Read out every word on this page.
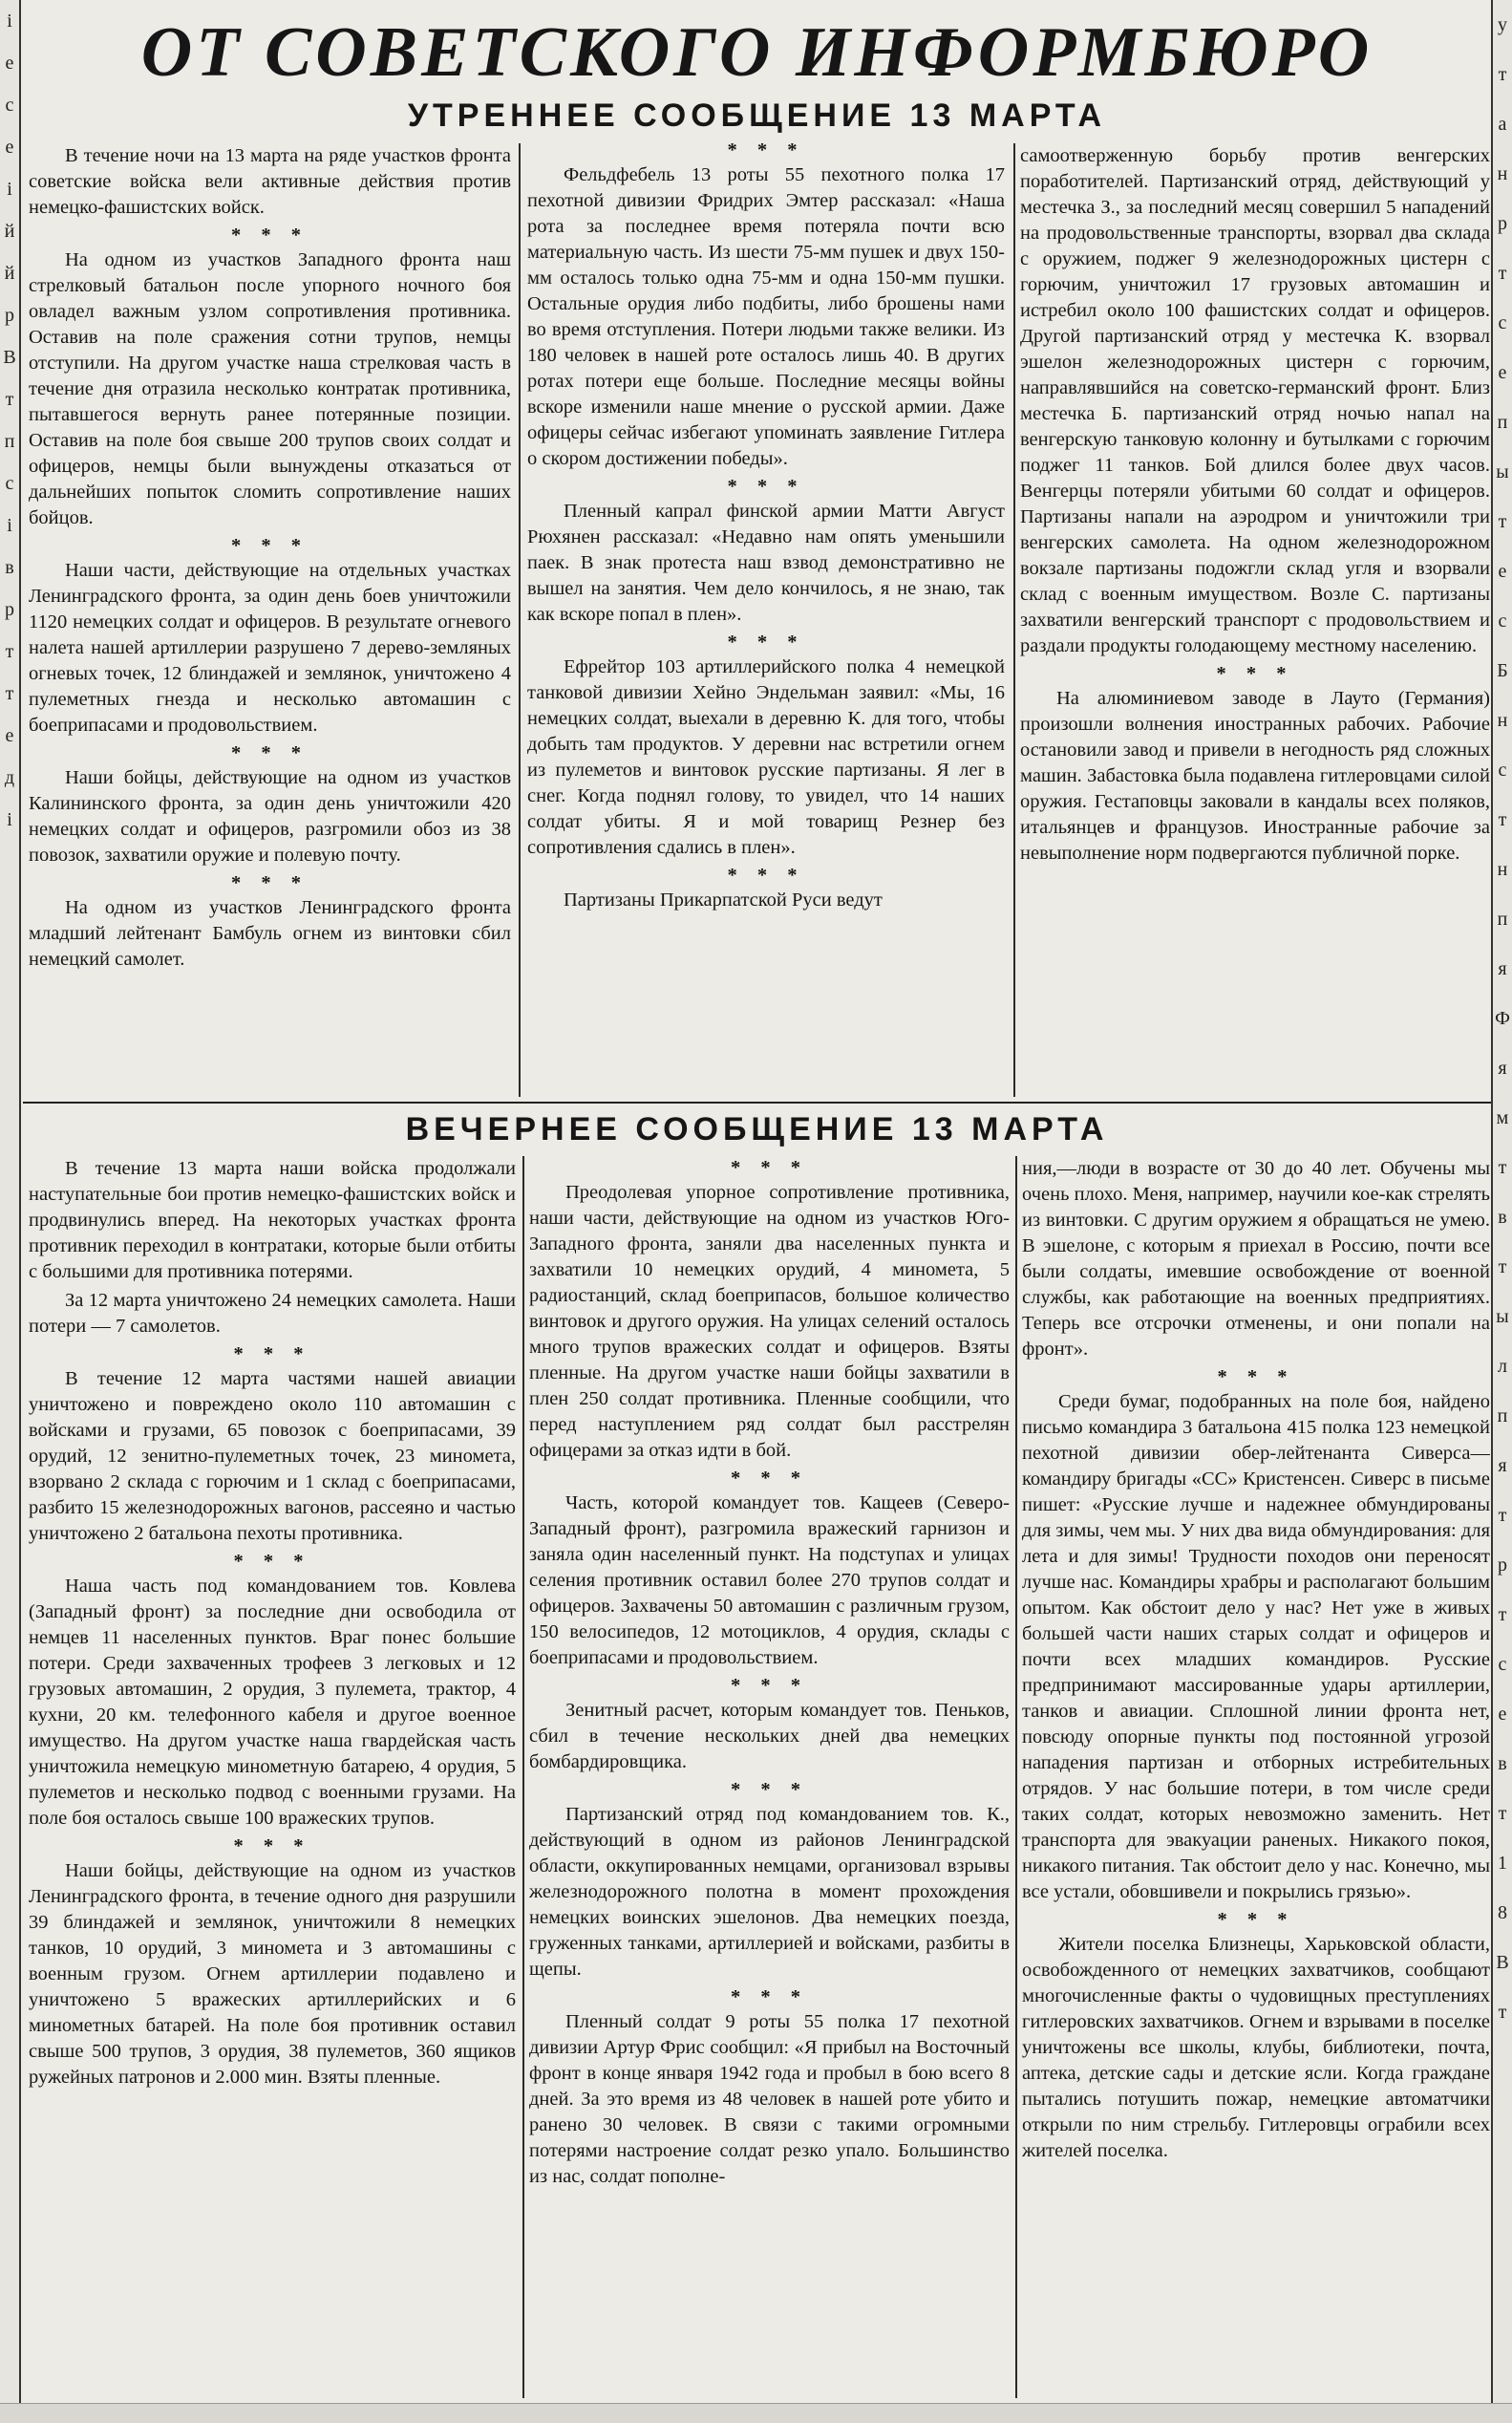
і
е
с
е
і
й
й
р
В
т
п
с
і
в
р
т
т
е
д
і
у
т
а
н
р
т
с
е
п
ы
т
е
с
Б
н
с
т
н
п
я
Ф
я
м
т
в
т
ы
л
п
я
т
р
т
с
е
в
т
1
8
В
т
ОТ СОВЕТСКОГО ИНФОРМБЮРО
УТРЕННЕЕ СООБЩЕНИЕ 13 МАРТА

В течение ночи на 13 марта на ряде участков фронта советские войска вели активные действия против немецко-фашистских войск.

* * *

На одном из участков Западного фронта наш стрелковый батальон после упорного ночного боя овладел важным узлом сопротивления противника. Оставив на поле сражения сотни трупов, немцы отступили. На другом участке наша стрелковая часть в течение дня отразила несколько контратак противника, пытавшегося вернуть ранее потерянные позиции. Оставив на поле боя свыше 200 трупов своих солдат и офицеров, немцы были вынуждены отказаться от дальнейших попыток сломить сопротивление наших бойцов.

* * *

Наши части, действующие на отдельных участках Ленинградского фронта, за один день боев уничтожили 1120 немецких солдат и офицеров. В результате огневого налета нашей артиллерии разрушено 7 дерево-земляных огневых точек, 12 блиндажей и землянок, уничтожено 4 пулеметных гнезда и несколько автомашин с боеприпасами и продовольствием.

* * *

Наши бойцы, действующие на одном из участков Калининского фронта, за один день уничтожили 420 немецких солдат и офицеров, разгромили обоз из 38 повозок, захватили оружие и полевую почту.

* * *

На одном из участков Ленинградского фронта младший лейтенант Бамбуль огнем из винтовки сбил немецкий самолет.

* * *

Фельдфебель 13 роты 55 пехотного полка 17 пехотной дивизии Фридрих Эмтер рассказал: «Наша рота за последнее время потеряла почти всю материальную часть. Из шести 75-мм пушек и двух 150-мм осталось только одна 75-мм и одна 150-мм пушки. Остальные орудия либо подбиты, либо брошены нами во время отступления. Потери людьми также велики. Из 180 человек в нашей роте осталось лишь 40. В других ротах потери еще больше. Последние месяцы войны вскоре изменили наше мнение о русской армии. Даже офицеры сейчас избегают упоминать заявление Гитлера о скором достижении победы».

* * *

Пленный капрал финской армии Матти Август Рюхянен рассказал: «Недавно нам опять уменьшили паек. В знак протеста наш взвод демонстративно не вышел на занятия. Чем дело кончилось, я не знаю, так как вскоре попал в плен».

* * *

Ефрейтор 103 артиллерийского полка 4 немецкой танковой дивизии Хейно Эндельман заявил: «Мы, 16 немецких солдат, выехали в деревню К. для того, чтобы добыть там продуктов. У деревни нас встретили огнем из пулеметов и винтовок русские партизаны. Я лег в снег. Когда поднял голову, то увидел, что 14 наших солдат убиты. Я и мой товарищ Резнер без сопротивления сдались в плен».

* * *

Партизаны Прикарпатской Руси ведут

самоотверженную борьбу против венгерских поработителей. Партизанский отряд, действующий у местечка З., за последний месяц совершил 5 нападений на продовольственные транспорты, взорвал два склада с оружием, поджег 9 железнодорожных цистерн с горючим, уничтожил 17 грузовых автомашин и истребил около 100 фашистских солдат и офицеров. Другой партизанский отряд у местечка К. взорвал эшелон железнодорожных цистерн с горючим, направлявшийся на советско-германский фронт. Близ местечка Б. партизанский отряд ночью напал на венгерскую танковую колонну и бутылками с горючим поджег 11 танков. Бой длился более двух часов. Венгерцы потеряли убитыми 60 солдат и офицеров. Партизаны напали на аэродром и уничтожили три венгерских самолета. На одном железнодорожном вокзале партизаны подожгли склад угля и взорвали склад с военным имуществом. Возле С. партизаны захватили венгерский транспорт с продовольствием и раздали продукты голодающему местному населению.

* * *

На алюминиевом заводе в Лауто (Германия) произошли волнения иностранных рабочих. Рабочие остановили завод и привели в негодность ряд сложных машин. Забастовка была подавлена гитлеровцами силой оружия. Гестаповцы заковали в кандалы всех поляков, итальянцев и французов. Иностранные рабочие за невыполнение норм подвергаются публичной порке.

ВЕЧЕРНЕЕ СООБЩЕНИЕ 13 МАРТА

В течение 13 марта наши войска продолжали наступательные бои против немецко-фашистских войск и продвинулись вперед. На некоторых участках фронта противник переходил в контратаки, которые были отбиты с большими для противника потерями.

За 12 марта уничтожено 24 немецких самолета. Наши потери — 7 самолетов.

* * *

В течение 12 марта частями нашей авиации уничтожено и повреждено около 110 автомашин с войсками и грузами, 65 повозок с боеприпасами, 39 орудий, 12 зенитно-пулеметных точек, 23 миномета, взорвано 2 склада с горючим и 1 склад с боеприпасами, разбито 15 железнодорожных вагонов, рассеяно и частью уничтожено 2 батальона пехоты противника.

* * *

Наша часть под командованием тов. Ковлева (Западный фронт) за последние дни освободила от немцев 11 населенных пунктов. Враг понес большие потери. Среди захваченных трофеев 3 легковых и 12 грузовых автомашин, 2 орудия, 3 пулемета, трактор, 4 кухни, 20 км. телефонного кабеля и другое военное имущество. На другом участке наша гвардейская часть уничтожила немецкую минометную батарею, 4 орудия, 5 пулеметов и несколько подвод с военными грузами. На поле боя осталось свыше 100 вражеских трупов.

* * *

Наши бойцы, действующие на одном из участков Ленинградского фронта, в течение одного дня разрушили 39 блиндажей и землянок, уничтожили 8 немецких танков, 10 орудий, 3 миномета и 3 автомашины с военным грузом. Огнем артиллерии подавлено и уничтожено 5 вражеских артиллерийских и 6 минометных батарей. На поле боя противник оставил свыше 500 трупов, 3 орудия, 38 пулеметов, 360 ящиков ружейных патронов и 2.000 мин. Взяты пленные.

* * *

Преодолевая упорное сопротивление противника, наши части, действующие на одном из участков Юго-Западного фронта, заняли два населенных пункта и захватили 10 немецких орудий, 4 миномета, 5 радиостанций, склад боеприпасов, большое количество винтовок и другого оружия. На улицах селений осталось много трупов вражеских солдат и офицеров. Взяты пленные. На другом участке наши бойцы захватили в плен 250 солдат противника. Пленные сообщили, что перед наступлением ряд солдат был расстрелян офицерами за отказ идти в бой.

* * *

Часть, которой командует тов. Кащеев (Северо-Западный фронт), разгромила вражеский гарнизон и заняла один населенный пункт. На подступах и улицах селения противник оставил более 270 трупов солдат и офицеров. Захвачены 50 автомашин с различным грузом, 150 велосипедов, 12 мотоциклов, 4 орудия, склады с боеприпасами и продовольствием.

* * *

Зенитный расчет, которым командует тов. Пеньков, сбил в течение нескольких дней два немецких бомбардировщика.

* * *

Партизанский отряд под командованием тов. К., действующий в одном из районов Ленинградской области, оккупированных немцами, организовал взрывы железнодорожного полотна в момент прохождения немецких воинских эшелонов. Два немецких поезда, груженных танками, артиллерией и войсками, разбиты в щепы.

* * *

Пленный солдат 9 роты 55 полка 17 пехотной дивизии Артур Фрис сообщил: «Я прибыл на Восточный фронт в конце января 1942 года и пробыл в бою всего 8 дней. За это время из 48 человек в нашей роте убито и ранено 30 человек. В связи с такими огромными потерями настроение солдат резко упало. Большинство из нас, солдат пополне-

ния,—люди в возрасте от 30 до 40 лет. Обучены мы очень плохо. Меня, например, научили кое-как стрелять из винтовки. С другим оружием я обращаться не умею. В эшелоне, с которым я приехал в Россию, почти все были солдаты, имевшие освобождение от военной службы, как работающие на военных предприятиях. Теперь все отсрочки отменены, и они попали на фронт».

* * *

Среди бумаг, подобранных на поле боя, найдено письмо командира 3 батальона 415 полка 123 немецкой пехотной дивизии обер-лейтенанта Сиверса—командиру бригады «СС» Кристенсен. Сиверс в письме пишет: «Русские лучше и надежнее обмундированы для зимы, чем мы. У них два вида обмундирования: для лета и для зимы! Трудности походов они переносят лучше нас. Командиры храбры и располагают большим опытом. Как обстоит дело у нас? Нет уже в живых большей части наших старых солдат и офицеров и почти всех младших командиров. Русские предпринимают массированные удары артиллерии, танков и авиации. Сплошной линии фронта нет, повсюду опорные пункты под постоянной угрозой нападения партизан и отборных истребительных отрядов. У нас большие потери, в том числе среди таких солдат, которых невозможно заменить. Нет транспорта для эвакуации раненых. Никакого покоя, никакого питания. Так обстоит дело у нас. Конечно, мы все устали, обовшивели и покрылись грязью».

* * *

Жители поселка Близнецы, Харьковской области, освобожденного от немецких захватчиков, сообщают многочисленные факты о чудовищных преступлениях гитлеровских захватчиков. Огнем и взрывами в поселке уничтожены все школы, клубы, библиотеки, почта, аптека, детские сады и детские ясли. Когда граждане пытались потушить пожар, немецкие автоматчики открыли по ним стрельбу. Гитлеровцы ограбили всех жителей поселка.
